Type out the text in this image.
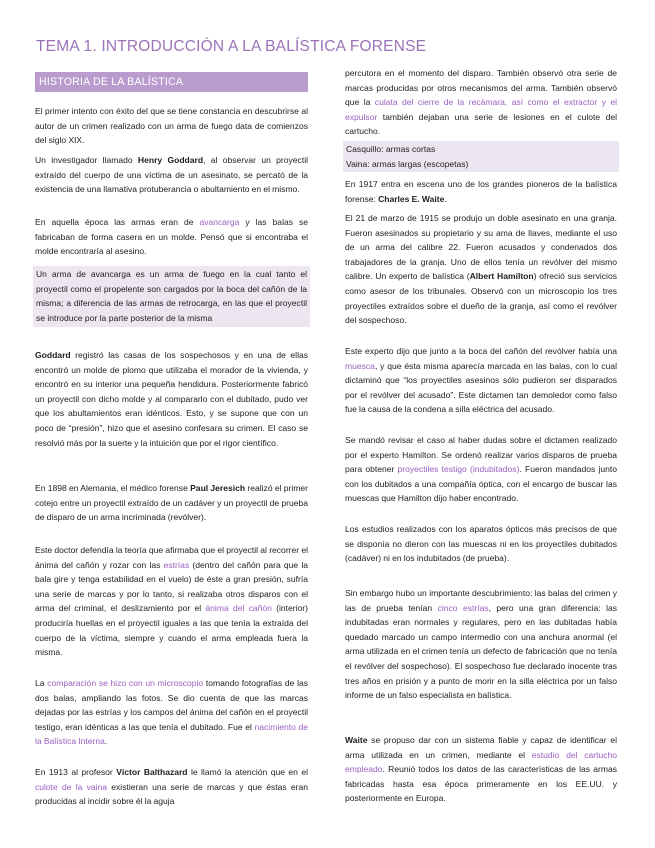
TEMA 1. INTRODUCCIÓN A LA BALÍSTICA FORENSE
HISTORIA DE LA BALÍSTICA

El primer intento con éxito del que se tiene constancia en descubrirse al autor de un crimen realizado con un arma de fuego data de comienzos del siglo XIX.

Un investigador llamado Henry Goddard, al observar un proyectil extraído del cuerpo de una víctima de un asesinato, se percató de la existencia de una llamativa protuberancia o abultamiento en el mismo.

En aquella época las armas eran de avancarga y las balas se fabricaban de forma casera en un molde. Pensó que si encontraba el molde encontraría al asesino.

Un arma de avancarga es un arma de fuego en la cual tanto el proyectil como el propelente son cargados por la boca del cañón de la misma; a diferencia de las armas de retrocarga, en las que el proyectil se introduce por la parte posterior de la misma

Goddard registró las casas de los sospechosos y en una de ellas encontró un molde de plomo que utilizaba el morador de la vivienda, y encontró en su interior una pequeña hendidura. Posteriormente fabricó un proyectil con dicho molde y al compararlo con el dubitado, pudo ver que los abultamientos eran idénticos. Esto, y se supone que con un poco de “presión”, hizo que el asesino confesara su crimen. El caso se resolvió más por la suerte y la intuición que por el rigor científico.

En 1898 en Alemania, el médico forense Paul Jeresich realizó el primer cotejo entre un proyectil extraído de un cadáver y un proyectil de prueba de disparo de un arma incriminada (revólver).

Este doctor defendía la teoría que afirmaba que el proyectil al recorrer el ánima del cañón y rozar con las estrías (dentro del cañón para que la bala gire y tenga estabilidad en el vuelo) de éste a gran presión, sufría una serie de marcas y por lo tanto, si realizaba otros disparos con el arma del criminal, el deslizamiento por el ánima del cañón (interior) produciría huellas en el proyectil iguales a las que tenía la extraída del cuerpo de la víctima, siempre y cuando el arma empleada fuera la misma.

La comparación se hizo con un microscopio tomando fotografías de las dos balas, ampliando las fotos. Se dio cuenta de que las marcas dejadas por las estrías y los campos del ánima del cañón en el proyectil testigo, eran idénticas a las que tenía el dubitado. Fue el nacimiento de la Balística Interna.

En 1913 al profesor Víctor Balthazard le llamó la atención que en el culote de la vaina existieran una serie de marcas y que éstas eran producidas al incidir sobre él la aguja

percutora en el momento del disparo. También observó otra serie de marcas producidas por otros mecanismos del arma. También observó que la culata del cierre de la recámara, así como el extractor y el expulsor también dejaban una serie de lesiones en el culote del cartucho.

Casquillo: armas cortas
Vaina: armas largas (escopetas)

En 1917 entra en escena uno de los grandes pioneros de la balística forense: Charles E. Waite.

El 21 de marzo de 1915 se produjo un doble asesinato en una granja. Fueron asesinados su propietario y su ama de llaves, mediante el uso de un arma del calibre 22. Fueron acusados y condenados dos trabajadores de la granja. Uno de ellos tenía un revólver del mismo calibre. Un experto de balística (Albert Hamilton) ofreció sus servicios como asesor de los tribunales. Observó con un microscopio los tres proyectiles extraídos sobre el dueño de la granja, así como el revólver del sospechoso.

Este experto dijo que junto a la boca del cañón del revólver había una muesca, y que ésta misma aparecía marcada en las balas, con lo cual dictaminó que “los proyectiles asesinos sólo pudieron ser disparados por el revólver del acusado”. Este dictamen tan demoledor como falso fue la causa de la condena a silla eléctrica del acusado.

Se mandó revisar el caso al haber dudas sobre el dictamen realizado por el experto Hamilton. Se ordenó realizar varios disparos de prueba para obtener proyectiles testigo (indubitados). Fueron mandados junto con los dubitados a una compañía óptica, con el encargo de buscar las muescas que Hamilton dijo haber encontrado.

Los estudios realizados con los aparatos ópticos más precisos de que se disponía no dieron con las muescas ni en los proyectiles dubitados (cadáver) ni en los indubitados (de prueba).

Sin embargo hubo un importante descubrimiento: las balas del crimen y las de prueba tenían cinco estrías, pero una gran diferencia: las indubitadas eran normales y regulares, pero en las dubitadas había quedado marcado un campo intermedio con una anchura anormal (el arma utilizada en el crimen tenía un defecto de fabricación que no tenía el revólver del sospechoso). El sospechoso fue declarado inocente tras tres años en prisión y a punto de morir en la silla eléctrica por un falso informe de un falso especialista en balística.

Waite se propuso dar con un sistema fiable y capaz de identificar el arma utilizada en un crimen, mediante el estudio del cartucho empleado. Reunió todos los datos de las características de las armas fabricadas hasta esa época primeramente en los EE.UU. y posteriormente en Europa.
